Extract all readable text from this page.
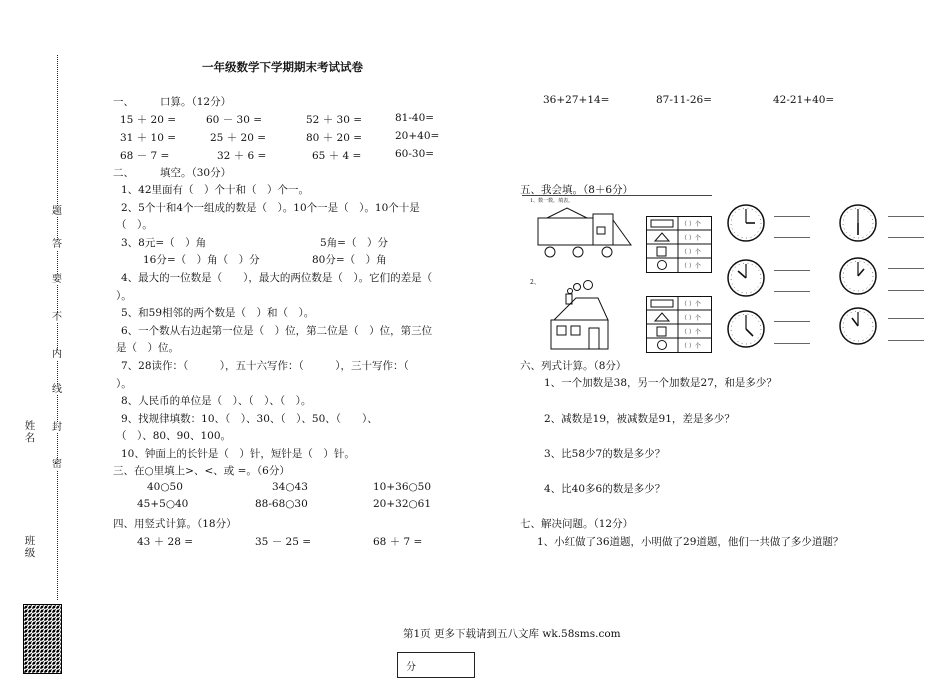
题
答
要
不
内
线
封
密
姓名
班级
一年级数学下学期期末考试试卷
一、 口算。（12分）
15 ＋ 20 =	60 － 30 =	52 ＋ 30 =	81-40=
31 ＋ 10 =	25 ＋ 20 =	80 ＋ 20 =	20+40=
68 － 7 =	32 ＋ 6 =	65 ＋ 4 =	60-30=
二、 填空。（30分）
1、42里面有（　）个十和（　）个一。
2、5个十和4个一组成的数是（　）。10个一是（　）。10个十是
（　）。
3、8元=（　）角	5角=（　）分
16分=（　）角（　）分	80分=（　）角
4、最大的一位数是（　　），最大的两位数是（　）。它们的差是（
）。
5、和59相邻的两个数是（　）和（　）。
6、一个数从右边起第一位是（　）位，第二位是（　）位，第三位
是（　）位。
7、28读作：（　　　），五十六写作：（　　　），三十写作：（
）。
8、人民币的单位是（　）、（　）、（　）。
9、找规律填数：10、（　）、30、（　）、50、（　　）、
（　）、80、90、100。
10、钟面上的长针是（　）针，短针是（　）针。
三、在○里填上>、<、或 =。（6分）
40○50	34○43	10+36○50
45+5○40	88-68○30	20+32○61
四、用竖式计算。（18分）
43 ＋ 28 =	35 － 25 =	68 ＋ 7 =
36+27+14=	87-11-26=	42-21+40=
五、我会填。（8＋6分）
1、数一数，填表。
2、
（ ）个
（ ）个
（ ）个
（ ）个
（ ）个
（ ）个
（ ）个
（ ）个
六、列式计算。（8分）
1、一个加数是38，另一个加数是27，和是多少？
2、减数是19，被减数是91，差是多少？
3、比58少7的数是多少？
4、比40多6的数是多少？
七、解决问题。（12分）
1、小红做了36道题，小明做了29道题，他们一共做了多少道题？
第1页 更多下载请到五八文库 wk.58sms.com
分
